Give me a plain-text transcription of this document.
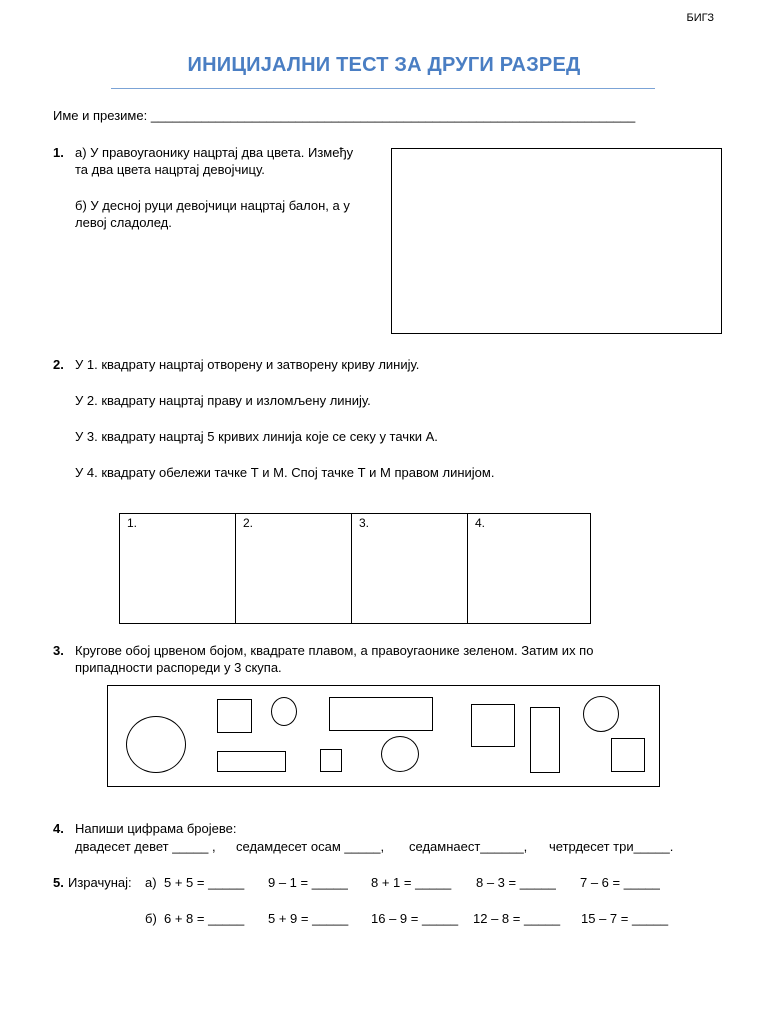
БИГЗ
ИНИЦИЈАЛНИ ТЕСТ ЗА ДРУГИ РАЗРЕД
Име и презиме: ___________________________________________________________________
1. а) У правоугаонику нацртај два цвета. Између
та два цвета нацртај девојчицу.
б) У десној руци девојчици нацртај балон, а у
левој сладолед.
2. У 1. квадрату нацртај отворену и затворену криву линију.
У 2. квадрату нацртај праву и изломљену линију.
У 3. квадрату нацртај 5 кривих линија које се секу у тачки А.
У 4. квадрату обележи тачке Т и М. Спој тачке Т и М правом линијом.
1.	2.	3.	4.
3. Кругове обој црвеном бојом, квадрате плавом, а правоугаонике зеленом. Затим их по
припадности распореди у 3 скупа.
4. Напиши цифрама бројеве:
двадесет девет _____ , седамдесет осам _____, седамнаест______, четрдесет три_____.
5. Израчунај: а) 5 + 5 = _____ 9 – 1 = _____ 8 + 1 = _____ 8 – 3 = _____ 7 – 6 = _____
б) 6 + 8 = _____ 5 + 9 = _____ 16 – 9 = _____ 12 – 8 = _____ 15 – 7 = _____
